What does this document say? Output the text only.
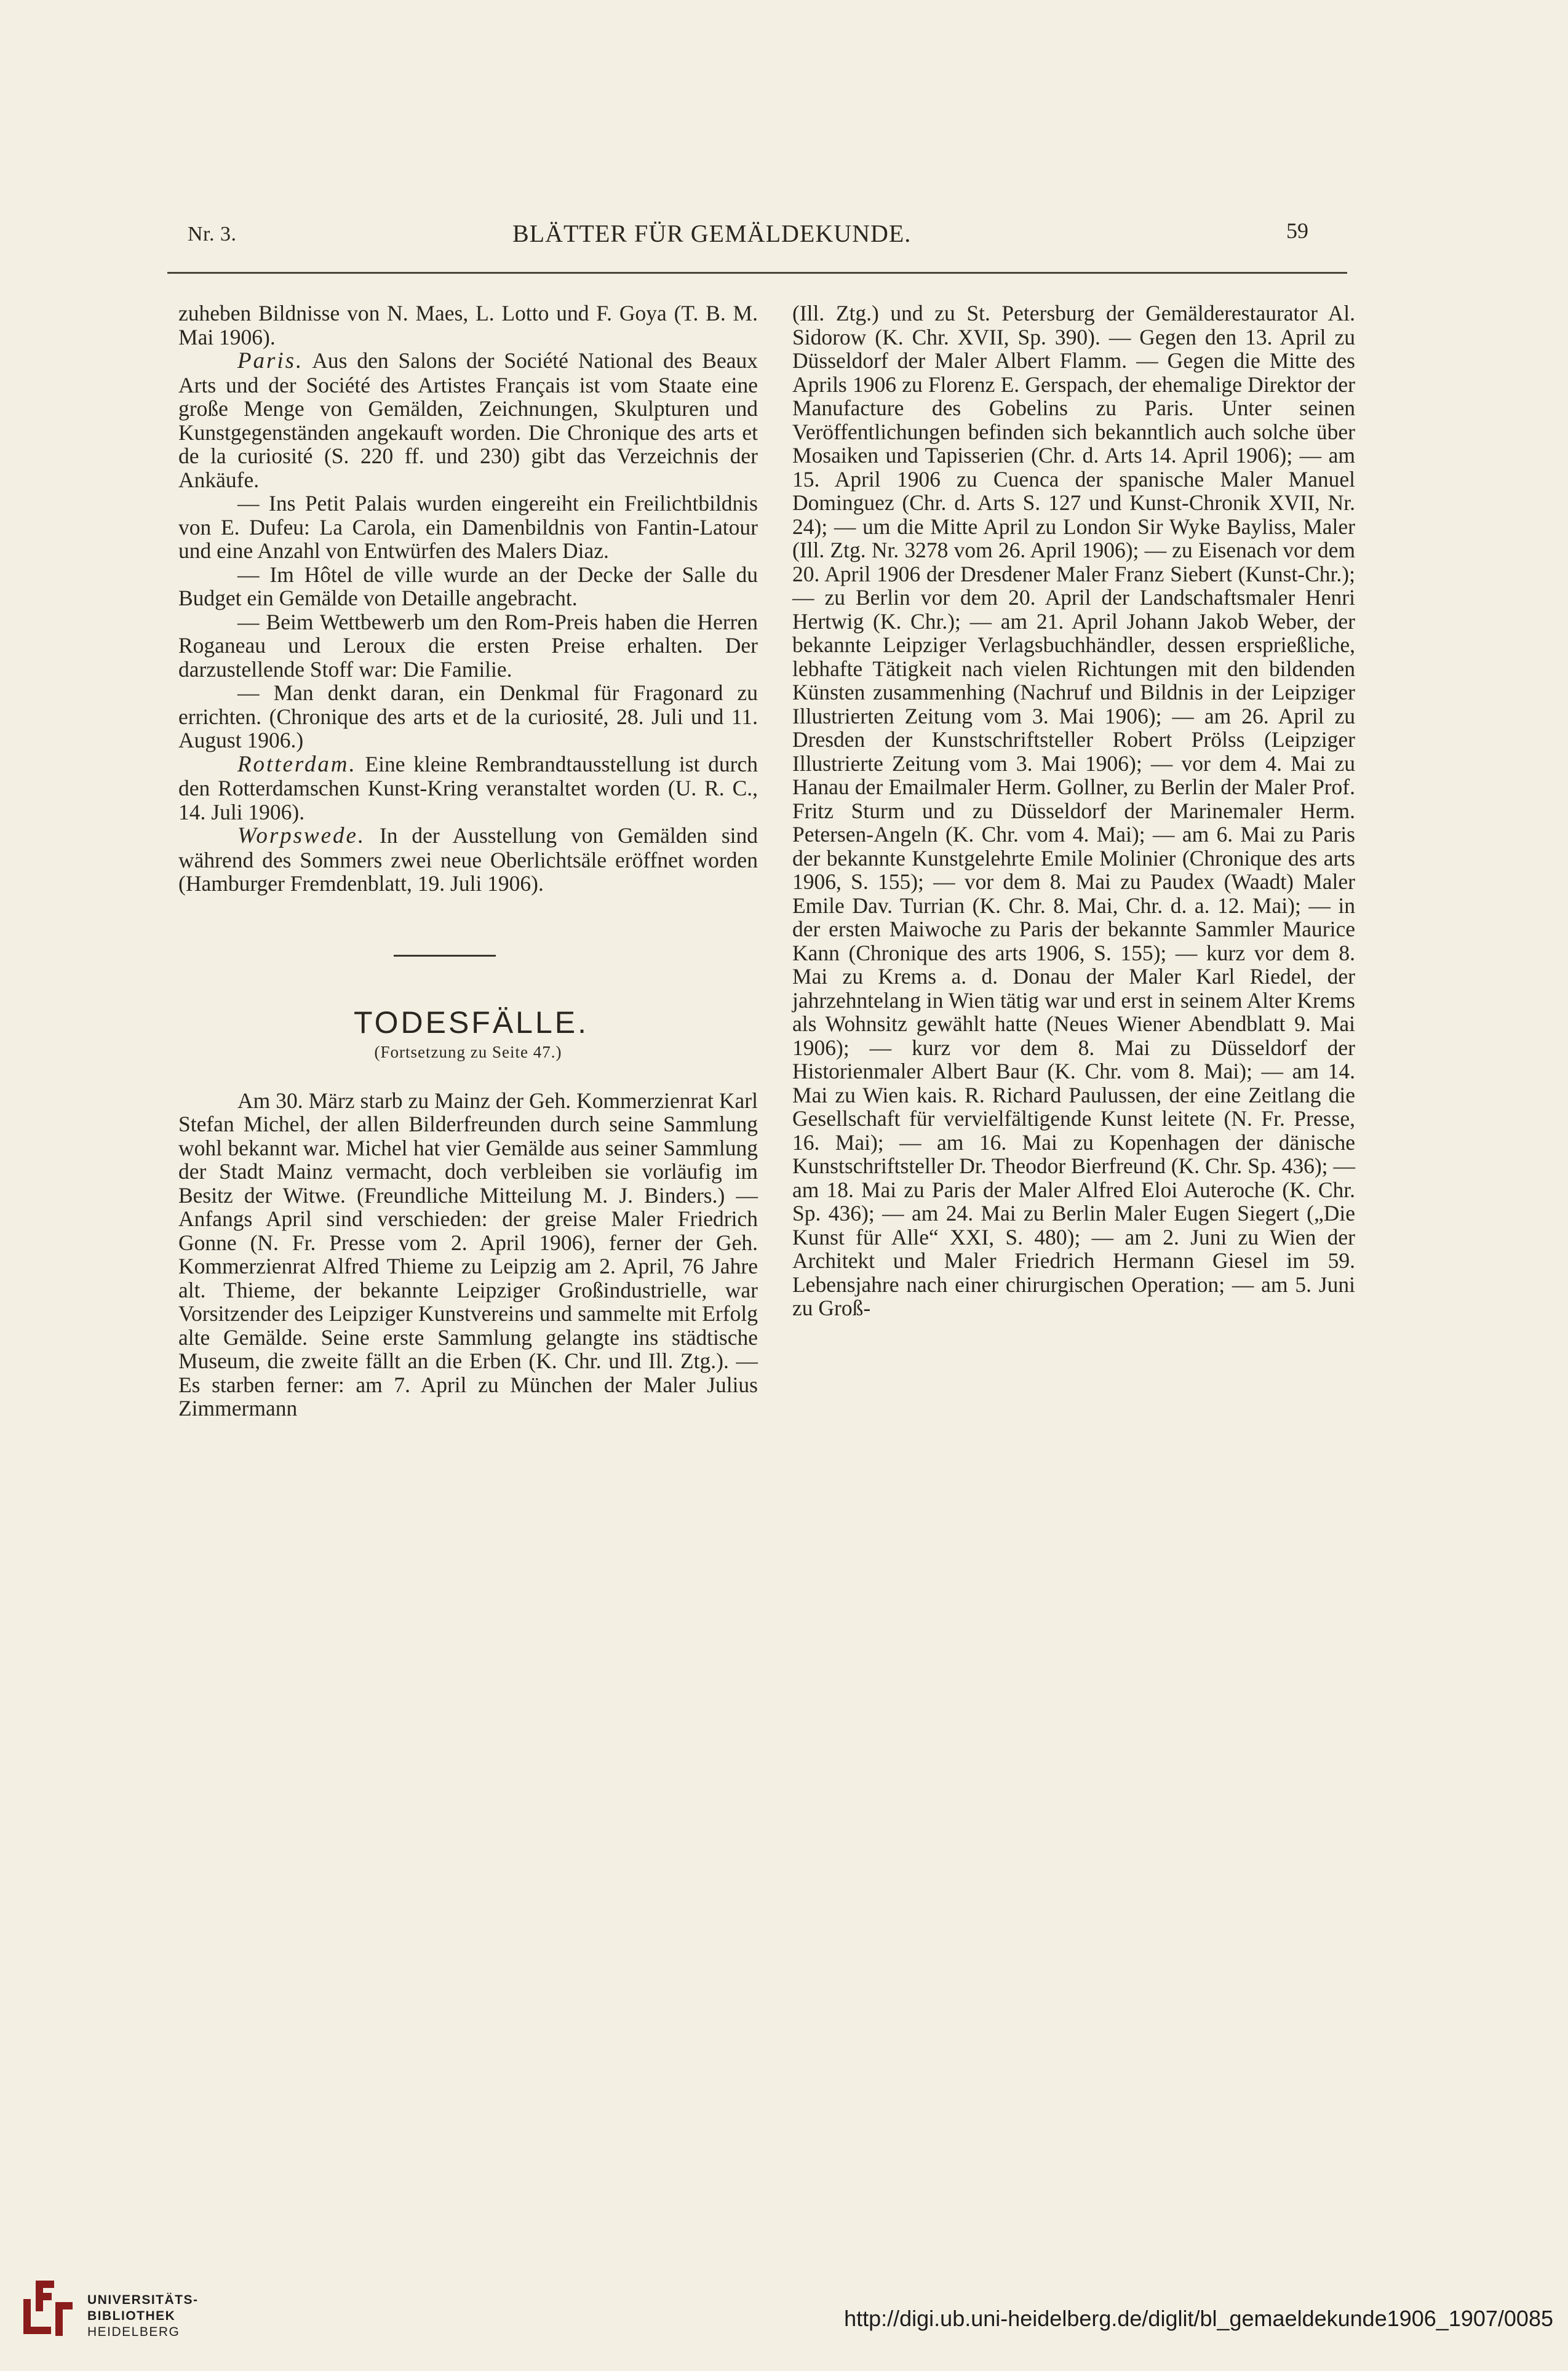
Nr. 3.	BLÄTTER FÜR GEMÄLDEKUNDE.	59

zuheben Bildnisse von N. Maes, L. Lotto und F. Goya (T. B. M. Mai 1906).

Paris. Aus den Salons der Société National des Beaux Arts und der Société des Artistes Français ist vom Staate eine große Menge von Gemälden, Zeichnungen, Skulpturen und Kunstgegenständen angekauft worden. Die Chronique des arts et de la curiosité (S. 220 ff. und 230) gibt das Verzeichnis der Ankäufe.

— Ins Petit Palais wurden eingereiht ein Freilichtbildnis von E. Dufeu: La Carola, ein Damenbildnis von Fantin-Latour und eine Anzahl von Entwürfen des Malers Diaz.

— Im Hôtel de ville wurde an der Decke der Salle du Budget ein Gemälde von Detaille angebracht.

— Beim Wettbewerb um den Rom-Preis haben die Herren Roganeau und Leroux die ersten Preise erhalten. Der darzustellende Stoff war: Die Familie.

— Man denkt daran, ein Denkmal für Fragonard zu errichten. (Chronique des arts et de la curiosité, 28. Juli und 11. August 1906.)

Rotterdam. Eine kleine Rembrandtausstellung ist durch den Rotterdamschen Kunst-Kring veranstaltet worden (U. R. C., 14. Juli 1906).

Worpswede. In der Ausstellung von Gemälden sind während des Sommers zwei neue Oberlichtsäle eröffnet worden (Hamburger Fremdenblatt, 19. Juli 1906).

TODESFÄLLE.
(Fortsetzung zu Seite 47.)

Am 30. März starb zu Mainz der Geh. Kommerzienrat Karl Stefan Michel, der allen Bilderfreunden durch seine Sammlung wohl bekannt war. Michel hat vier Gemälde aus seiner Sammlung der Stadt Mainz vermacht, doch verbleiben sie vorläufig im Besitz der Witwe. (Freundliche Mitteilung M. J. Binders.) — Anfangs April sind verschieden: der greise Maler Friedrich Gonne (N. Fr. Presse vom 2. April 1906), ferner der Geh. Kommerzienrat Alfred Thieme zu Leipzig am 2. April, 76 Jahre alt. Thieme, der bekannte Leipziger Großindustrielle, war Vorsitzender des Leipziger Kunstvereins und sammelte mit Erfolg alte Gemälde. Seine erste Sammlung gelangte ins städtische Museum, die zweite fällt an die Erben (K. Chr. und Ill. Ztg.). — Es starben ferner: am 7. April zu München der Maler Julius Zimmermann

(Ill. Ztg.) und zu St. Petersburg der Gemälderestaurator Al. Sidorow (K. Chr. XVII, Sp. 390). — Gegen den 13. April zu Düsseldorf der Maler Albert Flamm. — Gegen die Mitte des Aprils 1906 zu Florenz E. Gerspach, der ehemalige Direktor der Manufacture des Gobelins zu Paris. Unter seinen Veröffentlichungen befinden sich bekanntlich auch solche über Mosaiken und Tapisserien (Chr. d. Arts 14. April 1906); — am 15. April 1906 zu Cuenca der spanische Maler Manuel Dominguez (Chr. d. Arts S. 127 und Kunst-Chronik XVII, Nr. 24); — um die Mitte April zu London Sir Wyke Bayliss, Maler (Ill. Ztg. Nr. 3278 vom 26. April 1906); — zu Eisenach vor dem 20. April 1906 der Dresdener Maler Franz Siebert (Kunst-Chr.); — zu Berlin vor dem 20. April der Landschaftsmaler Henri Hertwig (K. Chr.); — am 21. April Johann Jakob Weber, der bekannte Leipziger Verlagsbuchhändler, dessen ersprießliche, lebhafte Tätigkeit nach vielen Richtungen mit den bildenden Künsten zusammenhing (Nachruf und Bildnis in der Leipziger Illustrierten Zeitung vom 3. Mai 1906); — am 26. April zu Dresden der Kunstschriftsteller Robert Prölss (Leipziger Illustrierte Zeitung vom 3. Mai 1906); — vor dem 4. Mai zu Hanau der Emailmaler Herm. Gollner, zu Berlin der Maler Prof. Fritz Sturm und zu Düsseldorf der Marinemaler Herm. Petersen-Angeln (K. Chr. vom 4. Mai); — am 6. Mai zu Paris der bekannte Kunstgelehrte Emile Molinier (Chronique des arts 1906, S. 155); — vor dem 8. Mai zu Paudex (Waadt) Maler Emile Dav. Turrian (K. Chr. 8. Mai, Chr. d. a. 12. Mai); — in der ersten Maiwoche zu Paris der bekannte Sammler Maurice Kann (Chronique des arts 1906, S. 155); — kurz vor dem 8. Mai zu Krems a. d. Donau der Maler Karl Riedel, der jahrzehntelang in Wien tätig war und erst in seinem Alter Krems als Wohnsitz gewählt hatte (Neues Wiener Abendblatt 9. Mai 1906); — kurz vor dem 8. Mai zu Düsseldorf der Historienmaler Albert Baur (K. Chr. vom 8. Mai); — am 14. Mai zu Wien kais. R. Richard Paulussen, der eine Zeitlang die Gesellschaft für vervielfältigende Kunst leitete (N. Fr. Presse, 16. Mai); — am 16. Mai zu Kopenhagen der dänische Kunstschriftsteller Dr. Theodor Bierfreund (K. Chr. Sp. 436); — am 18. Mai zu Paris der Maler Alfred Eloi Auteroche (K. Chr. Sp. 436); — am 24. Mai zu Berlin Maler Eugen Siegert („Die Kunst für Alle“ XXI, S. 480); — am 2. Juni zu Wien der Architekt und Maler Friedrich Hermann Giesel im 59. Lebensjahre nach einer chirurgischen Operation; — am 5. Juni zu Groß-

UNIVERSITÄTS-
BIBLIOTHEK
HEIDELBERG
http://digi.ub.uni-heidelberg.de/diglit/bl_gemaeldekunde1906_1907/0085
